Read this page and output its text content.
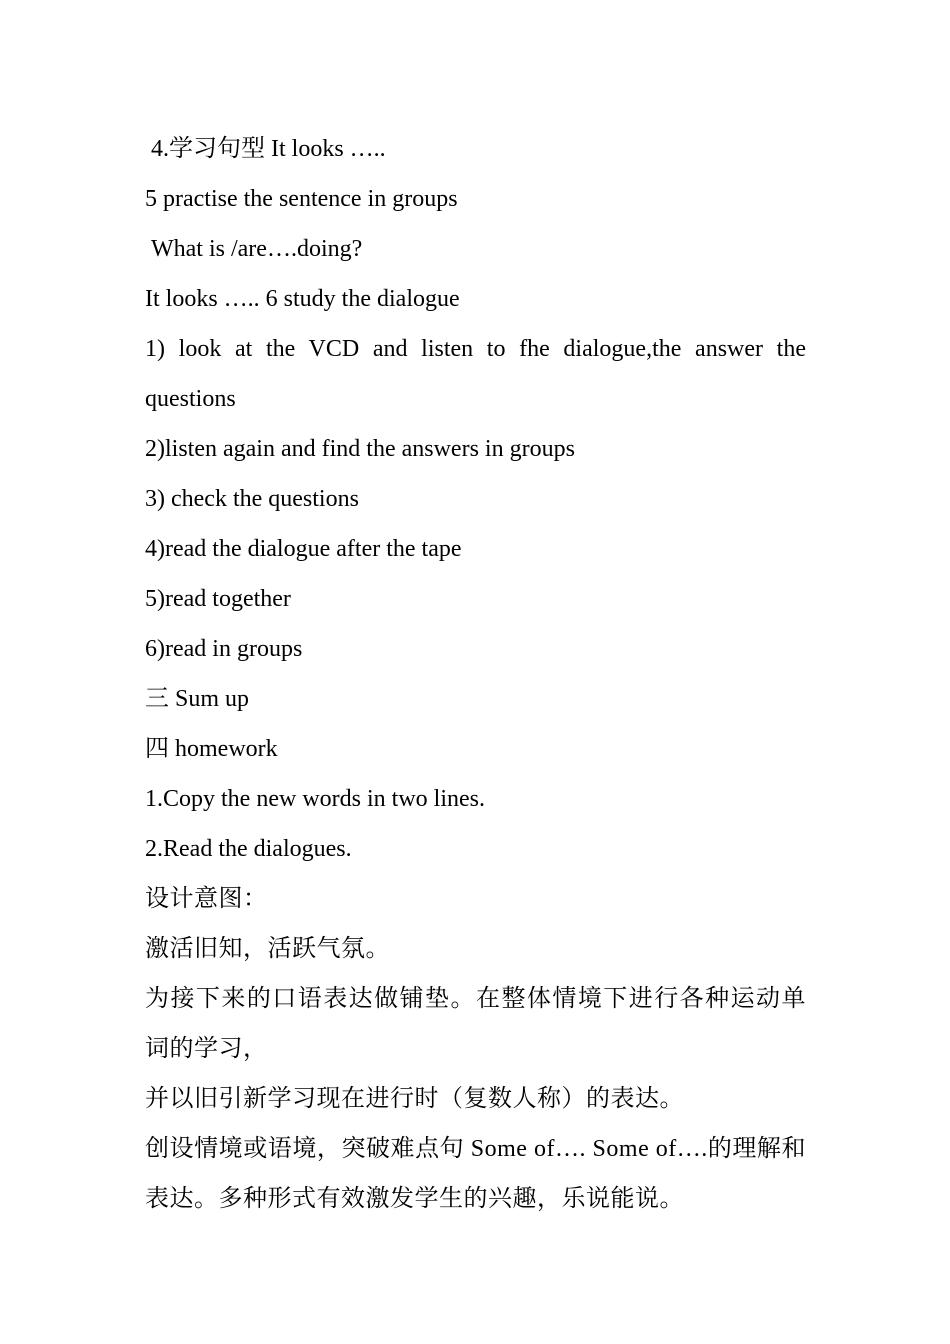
4.学习句型 It looks …..

5 practise the sentence in groups

What is /are….doing?

It looks ….. 6 study the dialogue

1) look at the VCD and listen to fhe dialogue,the answer the questions

2)listen again and find the answers in groups

3) check the questions

4)read the dialogue after the tape

5)read together

6)read in groups

三 Sum up

四 homework

1.Copy the new words in two lines.

2.Read the dialogues.

设计意图：

激活旧知，活跃气氛。

为接下来的口语表达做铺垫。在整体情境下进行各种运动单词的学习，

并以旧引新学习现在进行时（复数人称）的表达。

创设情境或语境，突破难点句 Some of…. Some of….的理解和表达。多种形式有效激发学生的兴趣，乐说能说。
